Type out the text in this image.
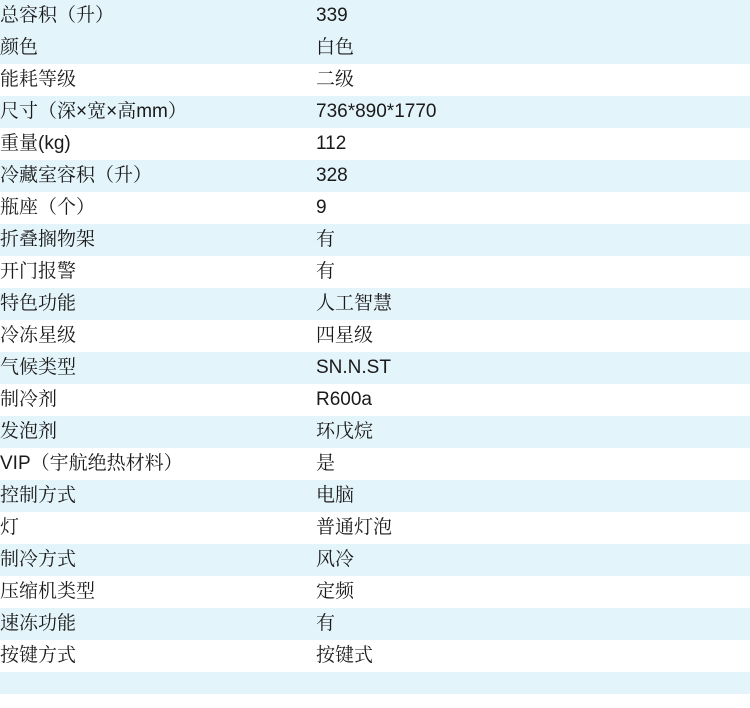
总容积（升）	339
颜色	白色
能耗等级	二级
尺寸（深×宽×高mm）	736*890*1770
重量(kg)	112
冷藏室容积（升）	328
瓶座（个）	9
折叠搁物架	有
开门报警	有
特色功能	人工智慧
冷冻星级	四星级
气候类型	SN.N.ST
制冷剂	R600a
发泡剂	环戊烷
VIP（宇航绝热材料）	是
控制方式	电脑
灯	普通灯泡
制冷方式	风冷
压缩机类型	定频
速冻功能	有
按键方式	按键式
